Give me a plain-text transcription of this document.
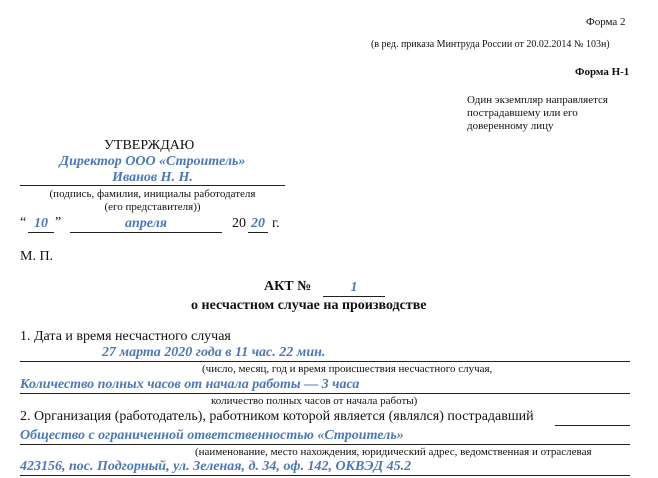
Форма 2
(в ред. приказа Минтруда России от 20.02.2014 № 103н)
Форма Н-1
Один экземпляр направляется
пострадавшему или его
доверенному лицу
УТВЕРЖДАЮ
Директор ООО «Строитель»
Иванов Н. Н.
(подпись, фамилия, инициалы работодателя
(его представителя))
“ 10 ”	апреля	20 20 г.
М. П.
АКТ №	1
о несчастном случае на производстве
1. Дата и время несчастного случая
27 марта 2020 года в 11 час. 22 мин.
(число, месяц, год и время происшествия несчастного случая,
Количество полных часов от начала работы — 3 часа
количество полных часов от начала работы)
2. Организация (работодатель), работником которой является (являлся) пострадавший
Общество с ограниченной ответственностью «Строитель»
(наименование, место нахождения, юридический адрес, ведомственная и отраслевая
423156, пос. Подгорный, ул. Зеленая, д. 34, оф. 142, ОКВЭД 45.2
